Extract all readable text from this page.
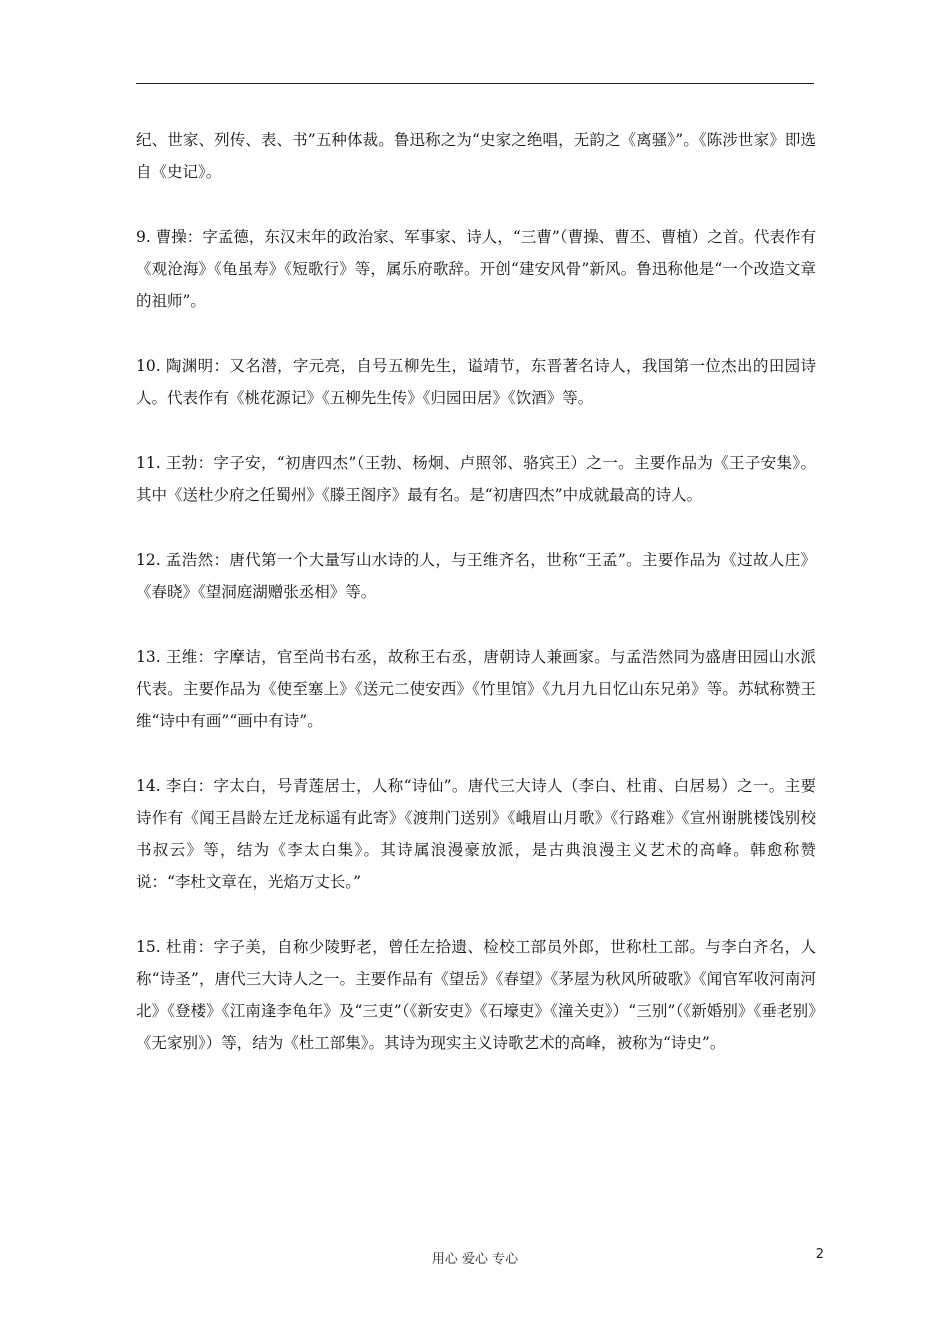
纪、世家、列传、表、书”五种体裁。鲁迅称之为“史家之绝唱，无韵之《离骚》”。《陈涉世家》即选自《史记》。

9. 曹操：字孟德，东汉末年的政治家、军事家、诗人，“三曹”（曹操、曹丕、曹植）之首。代表作有《观沧海》《龟虽寿》《短歌行》等，属乐府歌辞。开创“建安风骨”新风。鲁迅称他是“一个改造文章的祖师”。

10. 陶渊明：又名潜，字元亮，自号五柳先生，谥靖节，东晋著名诗人，我国第一位杰出的田园诗人。代表作有《桃花源记》《五柳先生传》《归园田居》《饮酒》等。

11. 王勃：字子安，“初唐四杰”（王勃、杨炯、卢照邻、骆宾王）之一。主要作品为《王子安集》。其中《送杜少府之任蜀州》《滕王阁序》最有名。是“初唐四杰”中成就最高的诗人。

12. 孟浩然：唐代第一个大量写山水诗的人，与王维齐名，世称“王孟”。主要作品为《过故人庄》《春晓》《望洞庭湖赠张丞相》等。

13. 王维：字摩诘，官至尚书右丞，故称王右丞，唐朝诗人兼画家。与孟浩然同为盛唐田园山水派代表。主要作品为《使至塞上》《送元二使安西》《竹里馆》《九月九日忆山东兄弟》等。苏轼称赞王维“诗中有画”“画中有诗”。

14. 李白：字太白，号青莲居士，人称“诗仙”。唐代三大诗人（李白、杜甫、白居易）之一。主要诗作有《闻王昌龄左迁龙标遥有此寄》《渡荆门送别》《峨眉山月歌》《行路难》《宣州谢朓楼饯别校书叔云》等，结为《李太白集》。其诗属浪漫豪放派，是古典浪漫主义艺术的高峰。韩愈称赞说：“李杜文章在，光焰万丈长。”

15. 杜甫：字子美，自称少陵野老，曾任左拾遗、检校工部员外郎，世称杜工部。与李白齐名，人称“诗圣”，唐代三大诗人之一。主要作品有《望岳》《春望》《茅屋为秋风所破歌》《闻官军收河南河北》《登楼》《江南逢李龟年》及“三吏”（《新安吏》《石壕吏》《潼关吏》）“三别”（《新婚别》《垂老别》《无家别》）等，结为《杜工部集》。其诗为现实主义诗歌艺术的高峰，被称为“诗史”。

用心 爱心 专心	2
